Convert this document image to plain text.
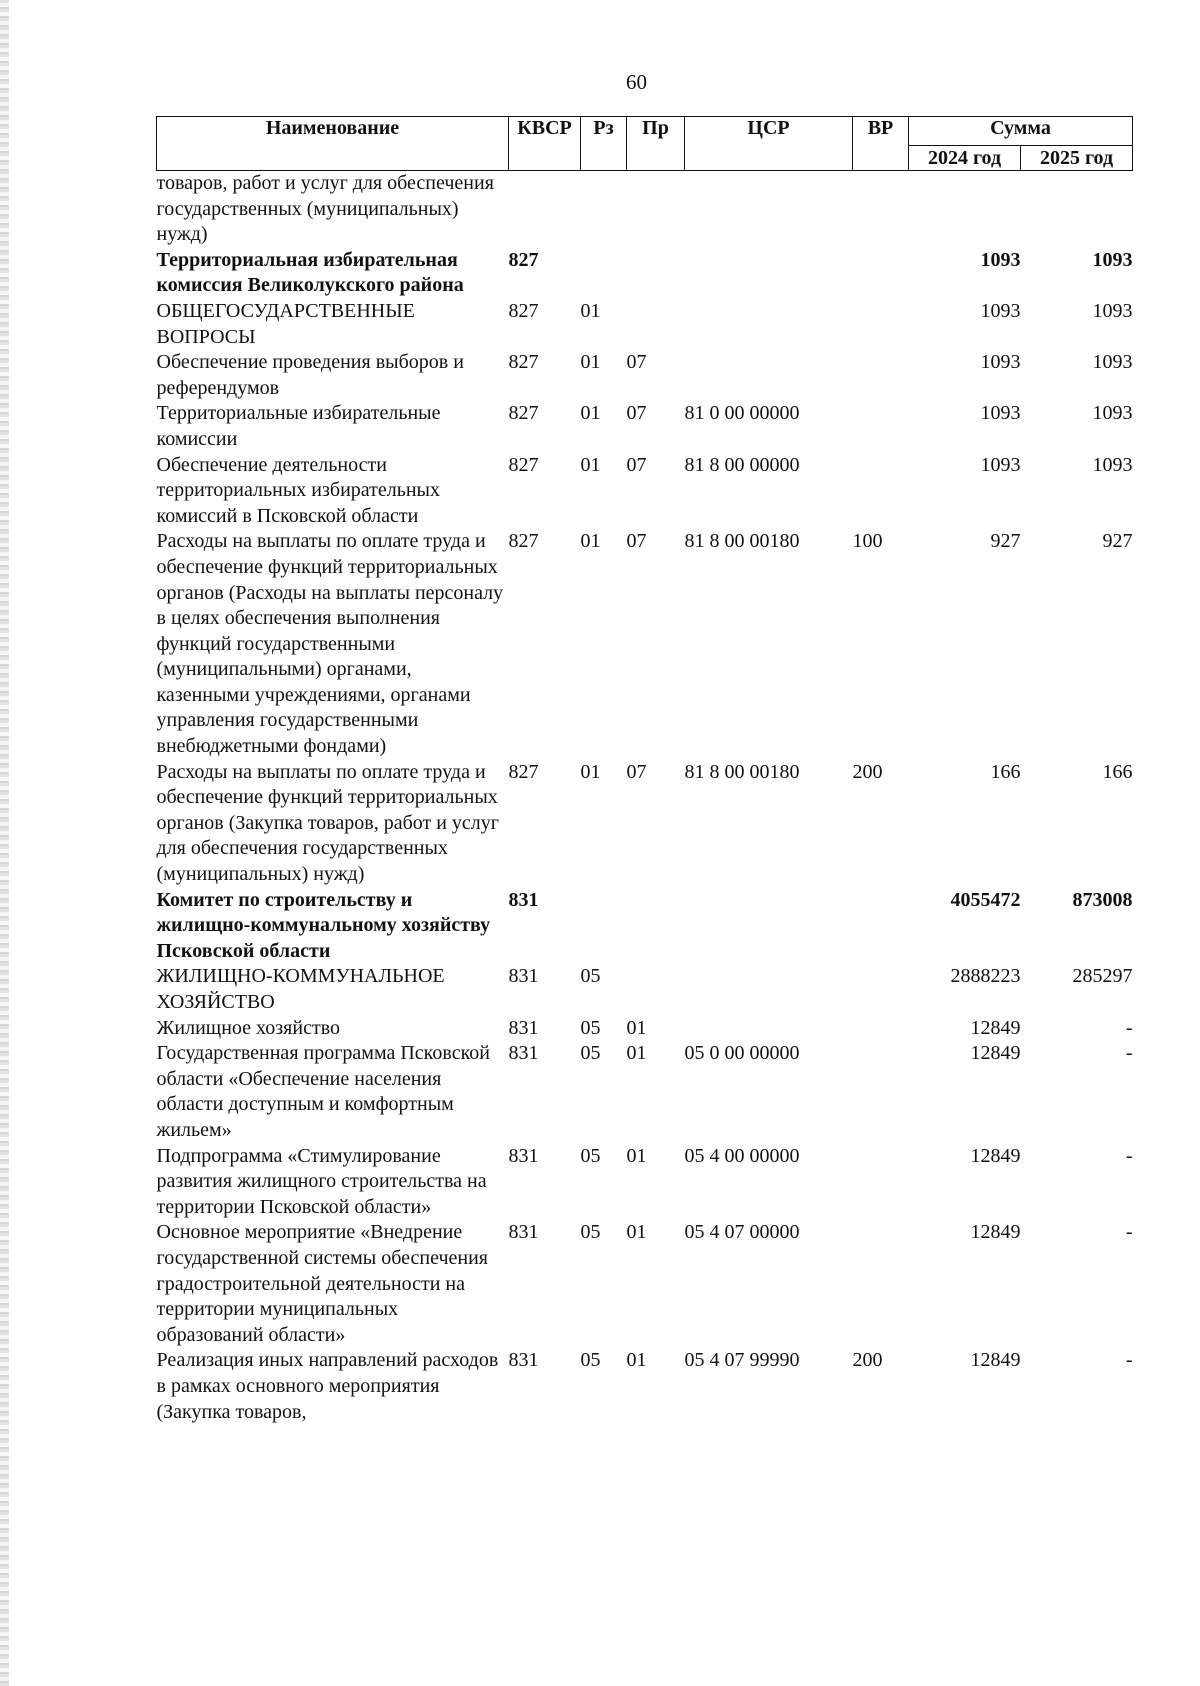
60
Наименование	КВСР	Рз	Пр	ЦСР	ВР	Сумма	
						2024 год	2025 год
товаров, работ и услуг для обеспечения государственных (муниципальных) нужд)							
Территориальная избирательная комиссия Великолукского района	827					1093	1093
ОБЩЕГОСУДАРСТВЕННЫЕ ВОПРОСЫ	827	01				1093	1093
Обеспечение проведения выборов и референдумов	827	01	07			1093	1093
Территориальные избирательные комиссии	827	01	07	81 0 00 00000		1093	1093
Обеспечение деятельности территориальных избирательных комиссий в Псковской области	827	01	07	81 8 00 00000		1093	1093
Расходы на выплаты по оплате труда и обеспечение функций территориальных органов (Расходы на выплаты персоналу в целях обеспечения выполнения функций государственными (муниципальными) органами, казенными учреждениями, органами управления государственными внебюджетными фондами)	827	01	07	81 8 00 00180	100	927	927
Расходы на выплаты по оплате труда и обеспечение функций территориальных органов (Закупка товаров, работ и услуг для обеспечения государственных (муниципальных) нужд)	827	01	07	81 8 00 00180	200	166	166
Комитет по строительству и жилищно-коммунальному хозяйству Псковской области	831					4055472	873008
ЖИЛИЩНО-КОММУНАЛЬНОЕ ХОЗЯЙСТВО	831	05				2888223	285297
Жилищное хозяйство	831	05	01			12849	-
Государственная программа Псковской области «Обеспечение населения области доступным и комфортным жильем»	831	05	01	05 0 00 00000		12849	-
Подпрограмма «Стимулирование развития жилищного строительства на территории Псковской области»	831	05	01	05 4 00 00000		12849	-
Основное мероприятие «Внедрение государственной системы обеспечения градостроительной деятельности на территории муниципальных образований области»	831	05	01	05 4 07 00000		12849	-
Реализация иных направлений расходов в рамках основного мероприятия (Закупка товаров,	831	05	01	05 4 07 99990	200	12849	-
